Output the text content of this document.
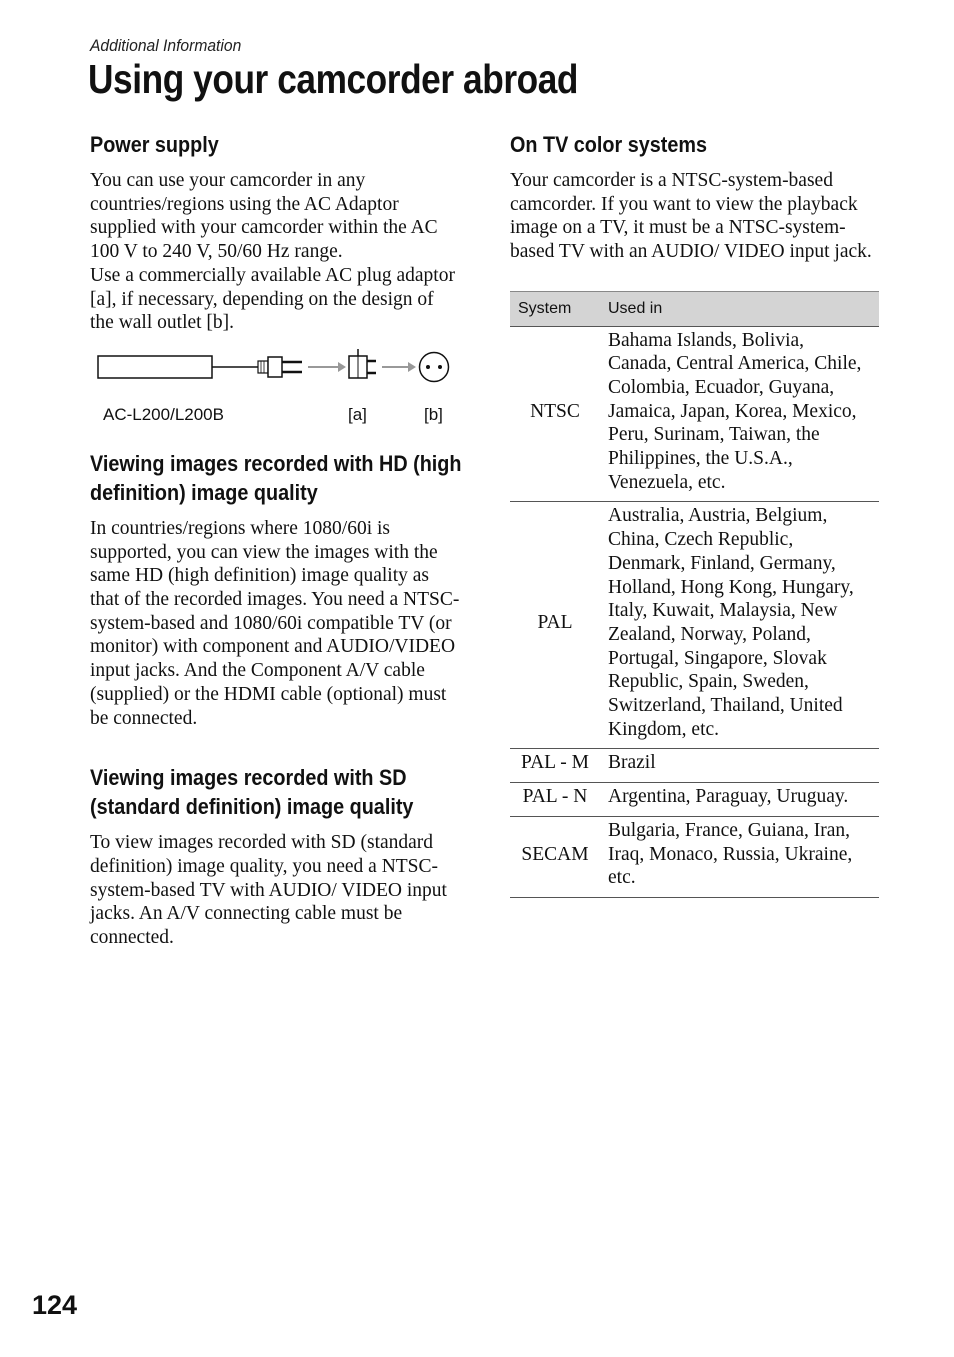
Additional Information
Using your camcorder abroad
Power supply

You can use your camcorder in any countries/regions using the AC Adaptor supplied with your camcorder within the AC 100 V to 240 V, 50/60 Hz range.

Use a commercially available AC plug adaptor [a], if necessary, depending on the design of the wall outlet [b].

AC-L200/L200B	[a]	[b]
Viewing images recorded with HD (high definition) image quality

In countries/regions where 1080/60i is supported, you can view the images with the same HD (high definition) image quality as that of the recorded images. You need a NTSC-system-based and 1080/60i compatible TV (or monitor) with component and AUDIO/VIDEO input jacks. And the Component A/V cable (supplied) or the HDMI cable (optional) must be connected.

Viewing images recorded with SD (standard definition) image quality

To view images recorded with SD (standard definition) image quality, you need a NTSC-system-based TV with AUDIO/ VIDEO input jacks. An A/V connecting cable must be connected.

On TV color systems

Your camcorder is a NTSC-system-based camcorder. If you want to view the playback image on a TV, it must be a NTSC-system-based TV with an AUDIO/ VIDEO input jack.

System	Used in
NTSC	Bahama Islands, Bolivia, Canada, Central America, Chile, Colombia, Ecuador, Guyana, Jamaica, Japan, Korea, Mexico, Peru, Surinam, Taiwan, the Philippines, the U.S.A., Venezuela, etc.
PAL	Australia, Austria, Belgium, China, Czech Republic, Denmark, Finland, Germany, Holland, Hong Kong, Hungary, Italy, Kuwait, Malaysia, New Zealand, Norway, Poland, Portugal, Singapore, Slovak Republic, Spain, Sweden, Switzerland, Thailand, United Kingdom, etc.
PAL - M	Brazil
PAL - N	Argentina, Paraguay, Uruguay.
SECAM	Bulgaria, France, Guiana, Iran, Iraq, Monaco, Russia, Ukraine, etc.
124
